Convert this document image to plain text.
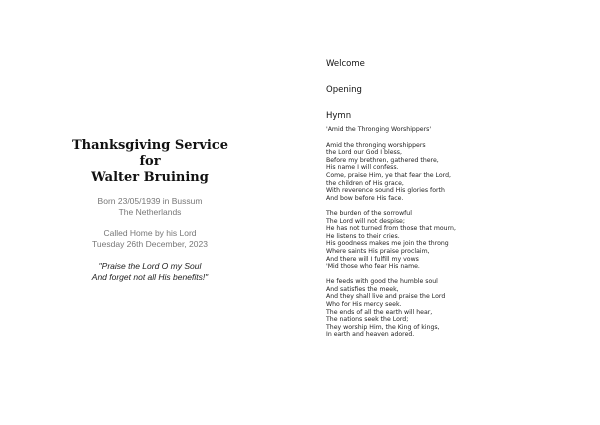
Thanksgiving Service
for
Walter Bruining
Born 23/05/1939 in Bussum
The Netherlands
Called Home by his Lord
Tuesday 26th December, 2023
"Praise the Lord O my Soul
And forget not all His benefits!"
Welcome
Opening
Hymn
'Amid the Thronging Worshippers'
Amid the thronging worshippers
the Lord our God I bless,
Before my brethren, gathered there,
His name I will confess.
Come, praise Him, ye that fear the Lord,
the children of His grace,
With reverence sound His glories forth
And bow before His face.
The burden of the sorrowful
The Lord will not despise;
He has not turned from those that mourn,
He listens to their cries.
His goodness makes me join the throng
Where saints His praise proclaim,
And there will I fulfill my vows
'Mid those who fear His name.
He feeds with good the humble soul
And satisfies the meek,
And they shall live and praise the Lord
Who for His mercy seek.
The ends of all the earth will hear,
The nations seek the Lord;
They worship Him, the King of kings,
In earth and heaven adored.
